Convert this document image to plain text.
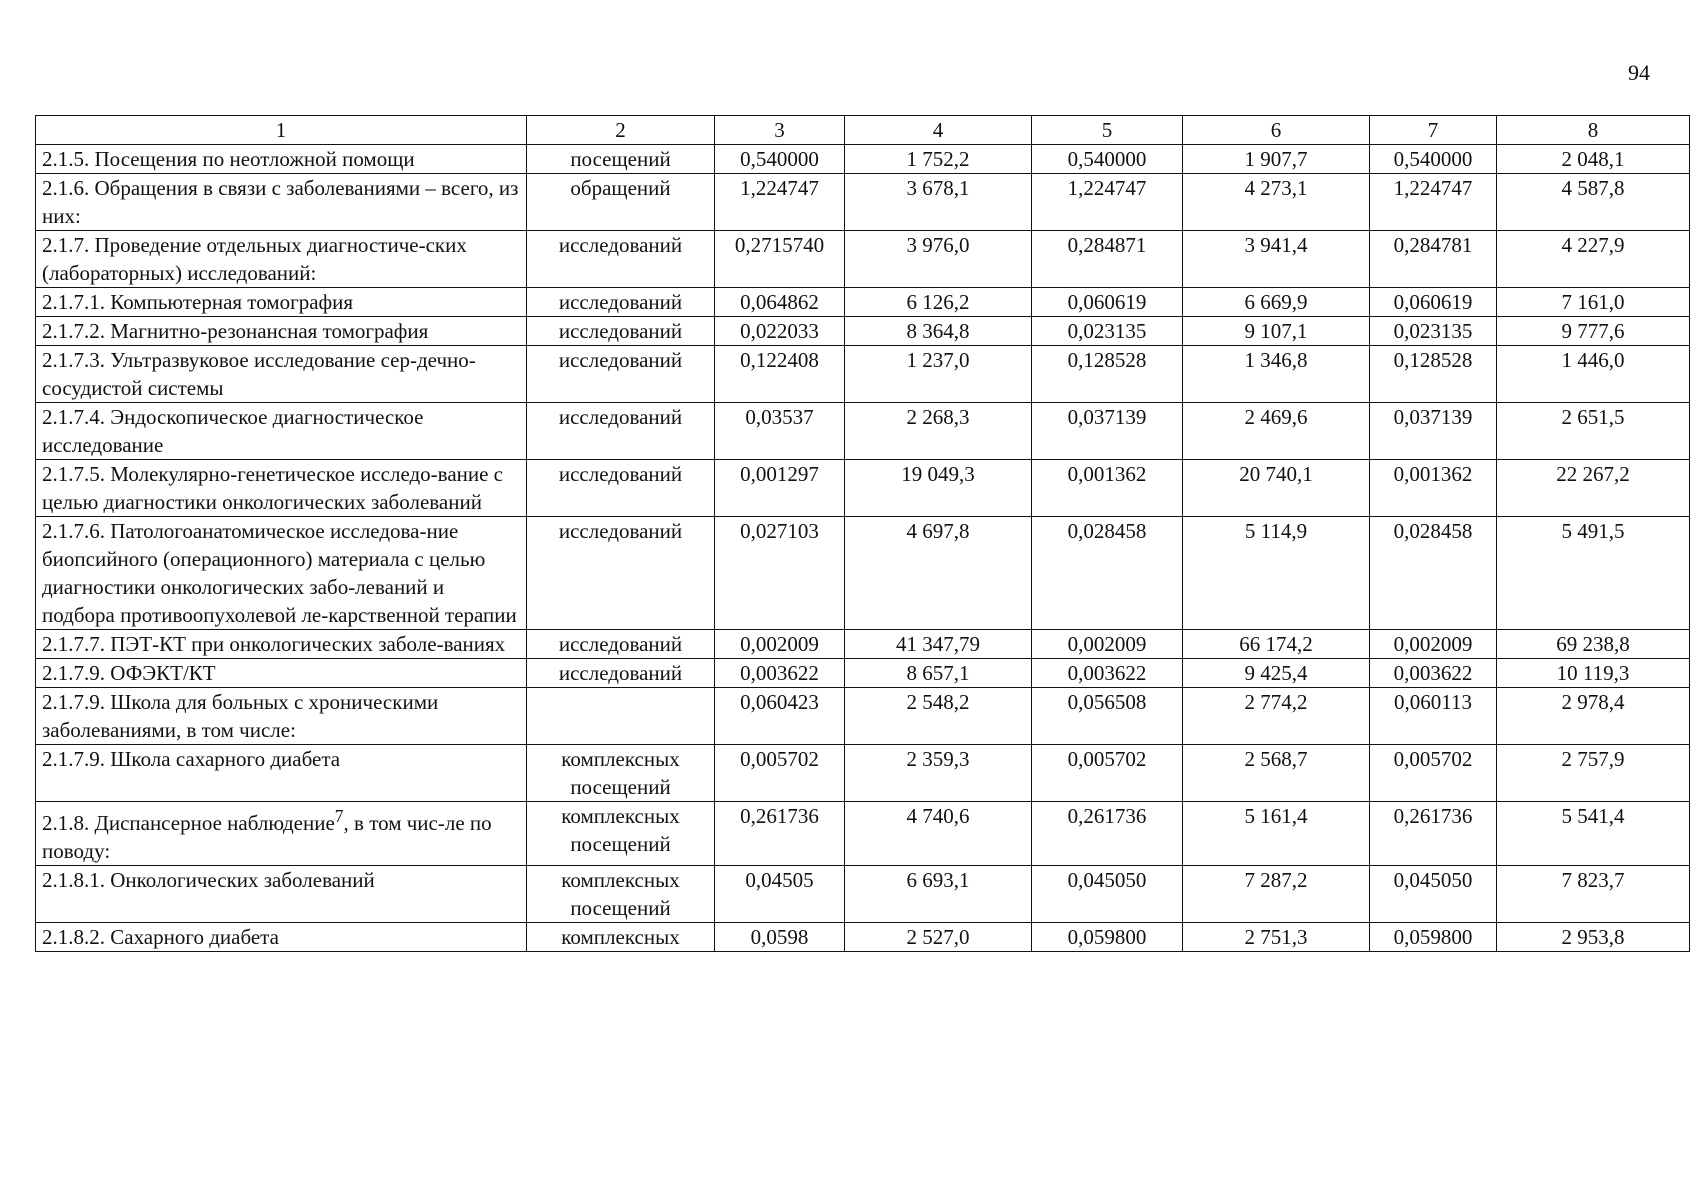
94
1	2	3	4	5	6	7	8
2.1.5. Посещения по неотложной помощи	посещений	0,540000	1 752,2	0,540000	1 907,7	0,540000	2 048,1
2.1.6. Обращения в связи с заболеваниями – всего, из них:	обращений	1,224747	3 678,1	1,224747	4 273,1	1,224747	4 587,8
2.1.7. Проведение отдельных диагностиче-ских (лабораторных) исследований:	исследований	0,2715740	3 976,0	0,284871	3 941,4	0,284781	4 227,9
2.1.7.1. Компьютерная томография	исследований	0,064862	6 126,2	0,060619	6 669,9	0,060619	7 161,0
2.1.7.2. Магнитно-резонансная томография	исследований	0,022033	8 364,8	0,023135	9 107,1	0,023135	9 777,6
2.1.7.3. Ультразвуковое исследование сер-дечно-сосудистой системы	исследований	0,122408	1 237,0	0,128528	1 346,8	0,128528	1 446,0
2.1.7.4. Эндоскопическое диагностическое исследование	исследований	0,03537	2 268,3	0,037139	2 469,6	0,037139	2 651,5
2.1.7.5. Молекулярно-генетическое исследо-вание с целью диагностики онкологических заболеваний	исследований	0,001297	19 049,3	0,001362	20 740,1	0,001362	22 267,2
2.1.7.6. Патологоанатомическое исследова-ние биопсийного (операционного) материала с целью диагностики онкологических забо-леваний и подбора противоопухолевой ле-карственной терапии	исследований	0,027103	4 697,8	0,028458	5 114,9	0,028458	5 491,5
2.1.7.7. ПЭТ-КТ при онкологических заболе-ваниях	исследований	0,002009	41 347,79	0,002009	66 174,2	0,002009	69 238,8
2.1.7.9. ОФЭКТ/КТ	исследований	0,003622	8 657,1	0,003622	9 425,4	0,003622	10 119,3
2.1.7.9. Школа для больных с хроническими заболеваниями, в том числе:		0,060423	2 548,2	0,056508	2 774,2	0,060113	2 978,4
2.1.7.9. Школа сахарного диабета	комплексных посещений	0,005702	2 359,3	0,005702	2 568,7	0,005702	2 757,9
2.1.8. Диспансерное наблюдение$^7$, в том чис-ле по поводу:	комплексных посещений	0,261736	4 740,6	0,261736	5 161,4	0,261736	5 541,4
2.1.8.1. Онкологических заболеваний	комплексных посещений	0,04505	6 693,1	0,045050	7 287,2	0,045050	7 823,7
2.1.8.2. Сахарного диабета	комплексных	0,0598	2 527,0	0,059800	2 751,3	0,059800	2 953,8
